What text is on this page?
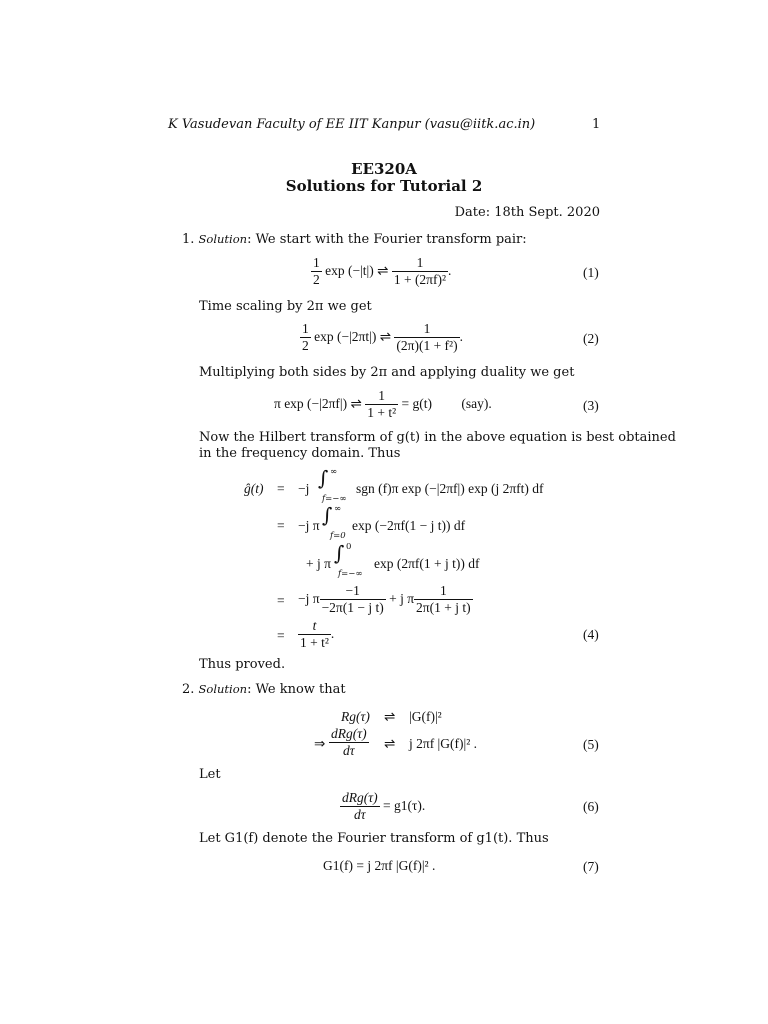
K Vasudevan Faculty of EE IIT Kanpur (vasu@iitk.ac.in)	1
EE320A
Solutions for Tutorial 2
Date: 18th Sept. 2020
1. Solution: We start with the Fourier transform pair:
$\frac{1}{2}$ exp (−|t|) ⇌ $\frac{1}{\text{1 + (2πf)²}}$ .	(1)
Time scaling by 2π we get
$\frac{1}{2}$ exp (−|2πt|) ⇌ $\frac{1}{\text{(2π)(1 + f²)}}$ .	(2)
Multiplying both sides by 2π and applying duality we get
π exp (−|2πf|) ⇌ $\frac{1}{\text{1 + t²}} = g(t)$ (say).	(3)
Now the Hilbert transform of g(t) in the above equation is best obtained
in the frequency domain. Thus
ĝ(t) = −j ∫ ∞
f=−∞
sgn (f)π exp (−|2πf|) exp (j 2πft) df
= −j π ∫ ∞
f=0
exp (−2πf(1 − j t)) df
+ j π ∫ 0
f=−∞
exp (2πf(1 + j t)) df
= −j π $\frac{-1}{\text{−2π(1 − j t)}} + j$ π $\frac{1}{\text{2π(1 + j t)}}$
= $\frac{t}{\text{1 + t²}}$ .	(4)
Thus proved.
2. Solution: We know that
Rg(τ) ⇌ |G(f)|²
⇒ $\frac{\text{dRg(τ)}}{d\tau}$ ⇌ j 2πf |G(f)|² .	(5)
Let
$\frac{\text{dRg(τ)}}{d\tau} = g1(\tau)$.	(6)
Let G1(f) denote the Fourier transform of g1(t). Thus
G1(f) = j 2πf |G(f)|² .	(7)
